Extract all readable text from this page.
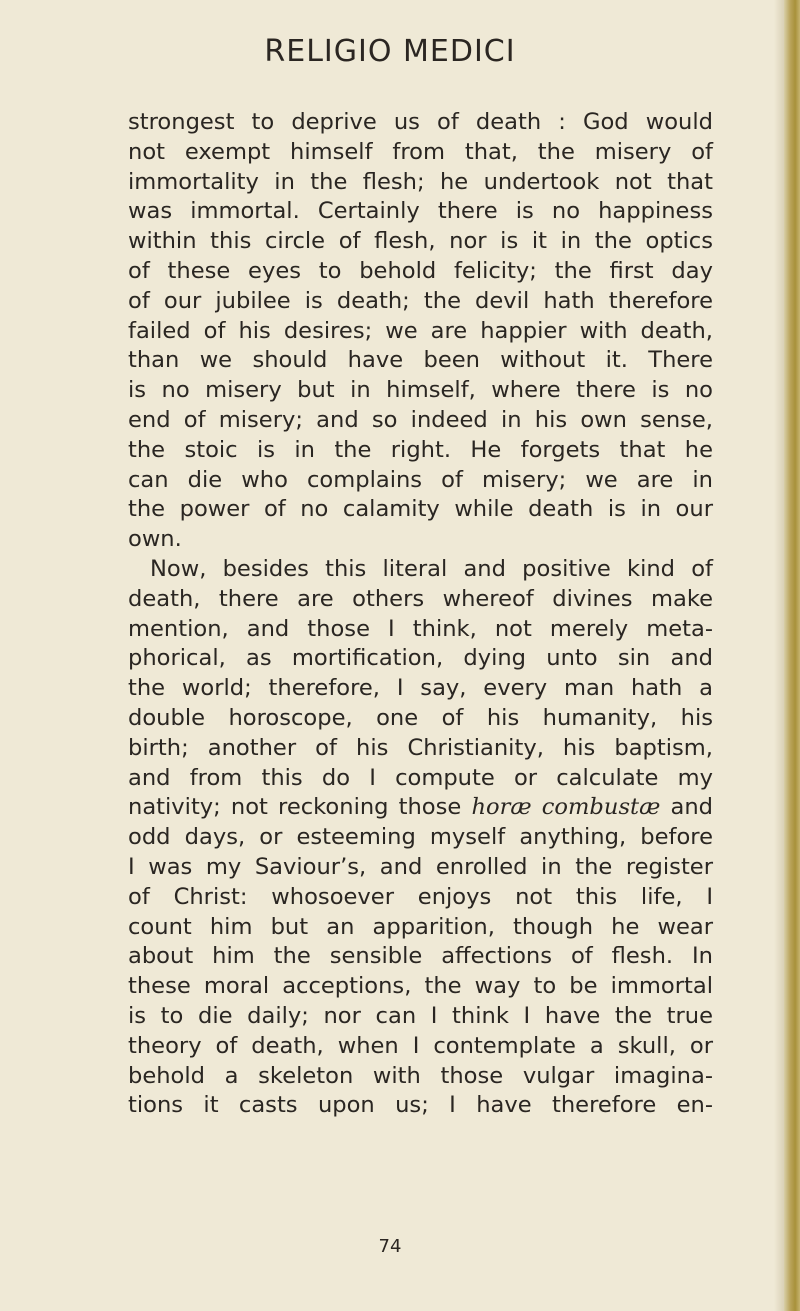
RELIGIO MEDICI
strongest to deprive us of death : God would
not exempt himself from that, the misery of
immortality in the flesh; he undertook not that
was immortal. Certainly there is no happiness
within this circle of flesh, nor is it in the optics
of these eyes to behold felicity; the first day
of our jubilee is death; the devil hath therefore
failed of his desires; we are happier with death,
than we should have been without it. There
is no misery but in himself, where there is no
end of misery; and so indeed in his own sense,
the stoic is in the right. He forgets that he
can die who complains of misery; we are in
the power of no calamity while death is in our
own.
Now, besides this literal and positive kind of
death, there are others whereof divines make
mention, and those I think, not merely meta-
phorical, as mortification, dying unto sin and
the world; therefore, I say, every man hath a
double horoscope, one of his humanity, his
birth; another of his Christianity, his baptism,
and from this do I compute or calculate my
nativity; not reckoning those horæ combustæ and
odd days, or esteeming myself anything, before
I was my Saviour’s, and enrolled in the register
of Christ: whosoever enjoys not this life, I
count him but an apparition, though he wear
about him the sensible affections of flesh. In
these moral acceptions, the way to be immortal
is to die daily; nor can I think I have the true
theory of death, when I contemplate a skull, or
behold a skeleton with those vulgar imagina-
tions it casts upon us; I have therefore en-
74
